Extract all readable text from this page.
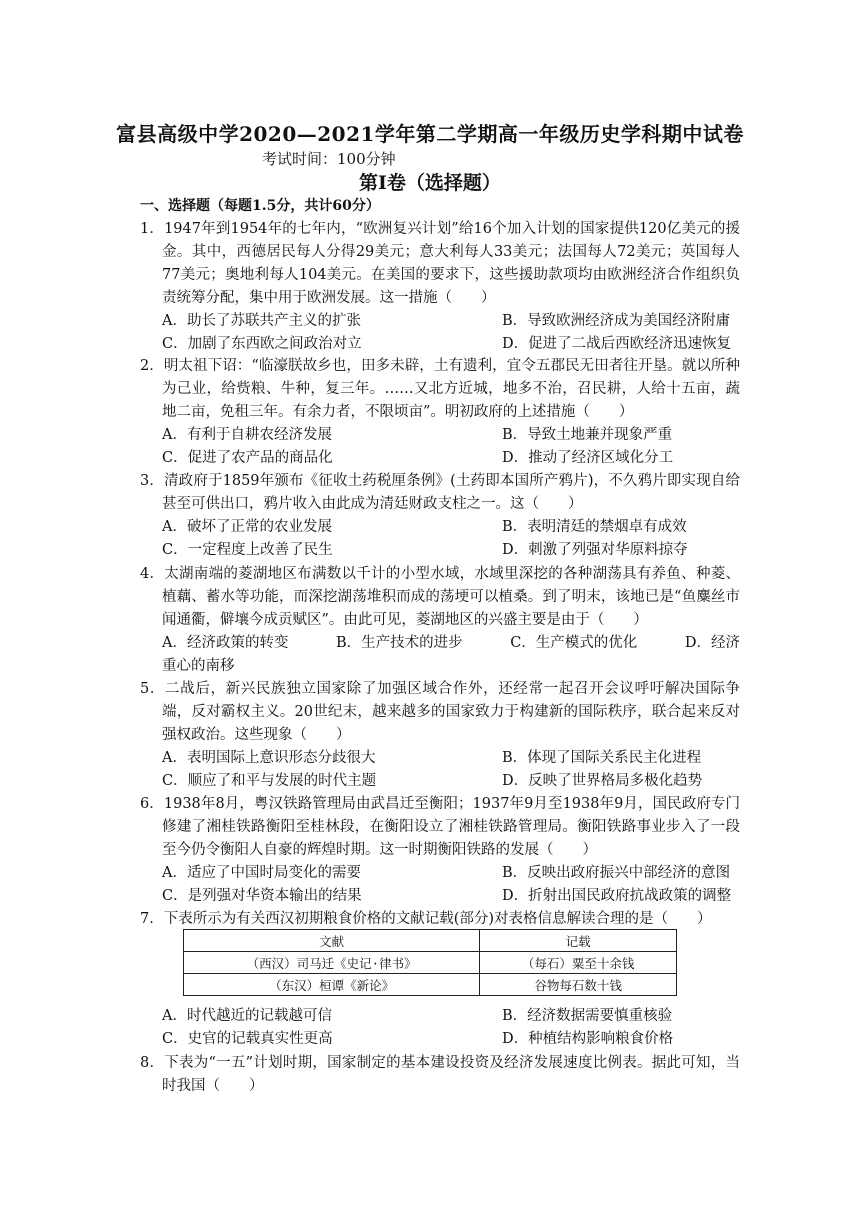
富县高级中学2020—2021学年第二学期高一年级历史学科期中试卷
考试时间：100分钟
第Ⅰ卷（选择题）
一、选择题（每题1.5分，共计60分）
1．1947年到1954年的七年内，“欧洲复兴计划”给16个加入计划的国家提供120亿美元的援金。其中，西德居民每人分得29美元；意大利每人33美元；法国每人72美元；英国每人77美元；奥地利每人104美元。在美国的要求下，这些援助款项均由欧洲经济合作组织负责统筹分配，集中用于欧洲发展。这一措施（　　）
A．助长了苏联共产主义的扩张	B．导致欧洲经济成为美国经济附庸
C．加剧了东西欧之间政治对立	D．促进了二战后西欧经济迅速恢复
2．明太祖下诏：“临濠朕故乡也，田多未辟，土有遗利，宜令五郡民无田者往开垦。就以所种为己业，给赀粮、牛种，复三年。……又北方近城，地多不治，召民耕，人给十五亩，蔬地二亩，免租三年。有余力者，不限顷亩”。明初政府的上述措施（　　）
A．有利于自耕农经济发展	B．导致土地兼并现象严重
C．促进了农产品的商品化	D．推动了经济区域化分工
3．清政府于1859年颁布《征收土药税厘条例》(土药即本国所产鸦片)，不久鸦片即实现自给甚至可供出口，鸦片收入由此成为清廷财政支柱之一。这（　　）
A．破坏了正常的农业发展	B．表明清廷的禁烟卓有成效
C．一定程度上改善了民生	D．刺激了列强对华原料掠夺
4．太湖南端的菱湖地区布满数以千计的小型水域，水域里深挖的各种湖荡具有养鱼、种菱、植藕、蓄水等功能，而深挖湖荡堆积而成的荡埂可以植桑。到了明末，该地已是“鱼麋丝市闻通衢，僻壤今成贡赋区”。由此可见，菱湖地区的兴盛主要是由于（　　）
A．经济政策的转变	B．生产技术的进步	C．生产模式的优化	D．经济
重心的南移
5．二战后，新兴民族独立国家除了加强区域合作外，还经常一起召开会议呼吁解决国际争端，反对霸权主义。20世纪末，越来越多的国家致力于构建新的国际秩序，联合起来反对强权政治。这些现象（　　）
A．表明国际上意识形态分歧很大	B．体现了国际关系民主化进程
C．顺应了和平与发展的时代主题	D．反映了世界格局多极化趋势
6．1938年8月，粤汉铁路管理局由武昌迁至衡阳；1937年9月至1938年9月，国民政府专门修建了湘桂铁路衡阳至桂林段，在衡阳设立了湘桂铁路管理局。衡阳铁路事业步入了一段至今仍令衡阳人自豪的辉煌时期。这一时期衡阳铁路的发展（　　）
A．适应了中国时局变化的需要	B．反映出政府振兴中部经济的意图
C．是列强对华资本输出的结果	D．折射出国民政府抗战政策的调整
7．下表所示为有关西汉初期粮食价格的文献记载(部分)对表格信息解读合理的是（　　）
文献	记载
（西汉）司马迁《史记·律书》	（每石）粟至十余钱
（东汉）桓谭《新论》	谷物每石数十钱
A．时代越近的记载越可信	B．经济数据需要慎重核验
C．史官的记载真实性更高	D．种植结构影响粮食价格
8．下表为“一五”计划时期，国家制定的基本建设投资及经济发展速度比例表。据此可知，当时我国（　　）
